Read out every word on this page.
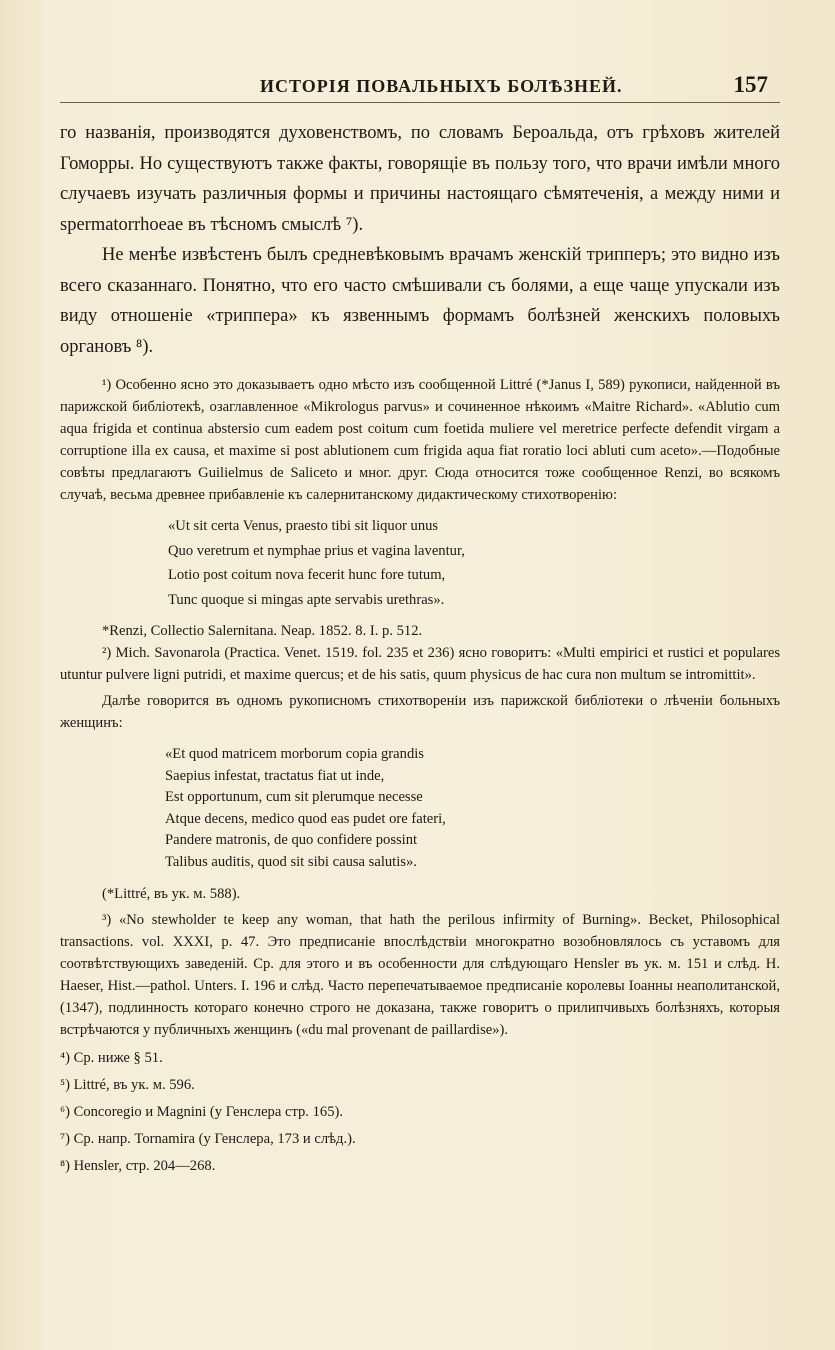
ИСТОРІЯ ПОВАЛЬНЫХЪ БОЛѢЗНЕЙ.	157

го названія, производятся духовенствомъ, по словамъ Бероальда, отъ грѣховъ жителей Гоморры. Но существуютъ также факты, говорящіе въ пользу того, что врачи имѣли много случаевъ изучать различныя формы и причины настоящаго сѣмятеченія, а между ними и spermatorrhoeae въ тѣсномъ смыслѣ ⁷).

Не менѣе извѣстенъ былъ средневѣковымъ врачамъ женскій трипперъ; это видно изъ всего сказаннаго. Понятно, что его часто смѣшивали съ болями, а еще чаще упускали изъ виду отношеніе «триппера» къ язвеннымъ формамъ болѣзней женскихъ половыхъ органовъ ⁸).

¹) Особенно ясно это доказываетъ одно мѣсто изъ сообщенной Littré (*Janus I, 589) рукописи, найденной въ парижской библіотекѣ, озаглавленное «Mikrologus parvus» и сочиненное нѣкоимъ «Maitre Richard». «Ablutio cum aqua frigida et continua abstersio cum eadem post coitum cum foetida muliere vel meretrice perfecte defendit virgam a corruptione illa ex causa, et maxime si post ablutionem cum frigida aqua fiat roratio loci abluti cum aceto».—Подобные совѣты предлагаютъ Guilielmus de Saliceto и мног. друг. Сюда относится тоже сообщенное Renzi, во всякомъ случаѣ, весьма древнее прибавленіе къ салернитанскому дидактическому стихотворенію:

«Ut sit certa Venus, praesto tibi sit liquor unus
Quo veretrum et nymphae prius et vagina laventur,
Lotio post coitum nova fecerit hunc fore tutum,
Tunc quoque si mingas apte servabis urethras».

*Renzi, Collectio Salernitana. Neap. 1852. 8. I. p. 512.

²) Mich. Savonarola (Practica. Venet. 1519. fol. 235 et 236) ясно говоритъ: «Multi empirici et rustici et populares utuntur pulvere ligni putridi, et maxime quercus; et de his satis, quum physicus de hac cura non multum se intromittit».

Далѣе говорится въ одномъ рукописномъ стихотвореніи изъ парижской библіотеки о лѣченіи больныхъ женщинъ:

«Et quod matricem morborum copia grandis
Saepius infestat, tractatus fiat ut inde,
Est opportunum, cum sit plerumque necesse
Atque decens, medico quod eas pudet ore fateri,
Pandere matronis, de quo confidere possint
Talibus auditis, quod sit sibi causa salutis».

(*Littré, въ ук. м. 588).

³) «No stewholder te keep any woman, that hath the perilous infirmity of Burning». Becket, Philosophical transactions. vol. XXXI, p. 47. Это предписаніе впослѣдствіи многократно возобновлялось съ уставомъ для соотвѣтствующихъ заведеній. Ср. для этого и въ особенности для слѣдующаго Hensler въ ук. м. 151 и слѣд. H. Haeser, Hist.—pathol. Unters. I. 196 и слѣд. Часто перепечатываемое предписаніе королевы Іоанны неаполитанской, (1347), подлинность котораго конечно строго не доказана, также говоритъ о прилипчивыхъ болѣзняхъ, которыя встрѣчаются у публичныхъ женщинъ («du mal provenant de paillardise»).

⁴) Ср. ниже § 51.

⁵) Littré, въ ук. м. 596.

⁶) Concoregio и Magnini (у Генслера стр. 165).

⁷) Ср. напр. Tornamira (у Генслера, 173 и слѣд.).

⁸) Hensler, стр. 204—268.
